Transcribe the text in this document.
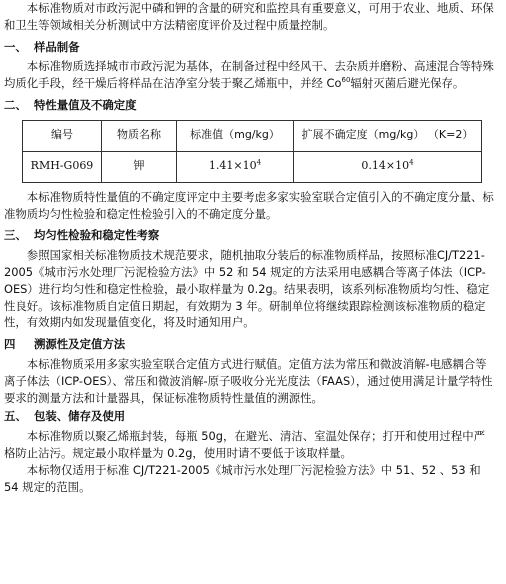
本标准物质对市政污泥中磷和钾的含量的研究和监控具有重要意义，可用于农业、地质、环保和卫生等领域相关分析测试中方法精密度评价及过程中质量控制。

一、 样品制备

本标准物质选择城市市政污泥为基体，在制备过程中经风干、去杂质并磨粉、高速混合等特殊均质化手段，经干燥后将样品在洁净室分装于聚乙烯瓶中，并经 Co$^{60}$辐射灭菌后避光保存。

二、 特性量值及不确定度
编号	物质名称	标准值（mg/kg）	扩展不确定度（mg/kg） （K=2）
RMH-G069	钾	$1.41\times 10^4$	$0.14\times 10^4$

本标准物质特性量值的不确定度评定中主要考虑多家实验室联合定值引入的不确定度分量、标准物质均匀性检验和稳定性检验引入的不确定度分量。

三、 均匀性检验和稳定性考察

参照国家相关标准物质技术规范要求，随机抽取分装后的标准物质样品，按照标准CJ/T221-2005《城市污水处理厂污泥检验方法》中 52 和 54 规定的方法采用电感耦合等离子体法（ICP-OES）进行均匀性和稳定性检验，最小取样量为 0.2g。结果表明，该系列标准物质均匀性、稳定性良好。该标准物质自定值日期起，有效期为 3 年。研制单位将继续跟踪检测该标准物质的稳定性，有效期内如发现量值变化，将及时通知用户。

四	溯源性及定值方法

本标准物质采用多家实验室联合定值方式进行赋值。定值方法为常压和微波消解-电感耦合等离子体法（ICP-OES）、常压和微波消解-原子吸收分光光度法（FAAS），通过使用满足计量学特性要求的测量方法和计量器具，保证标准物质特性量值的溯源性。

五、 包装、储存及使用

本标准物质以聚乙烯瓶封装，每瓶 50g，在避光、清洁、室温处保存；打开和使用过程中严格防止沾污。规定最小取样量为 0.2g，使用时请不要低于该取样量。

本标物仅适用于标准 CJ/T221-2005《城市污水处理厂污泥检验方法》中 51、52 、53 和 54 规定的范围。
